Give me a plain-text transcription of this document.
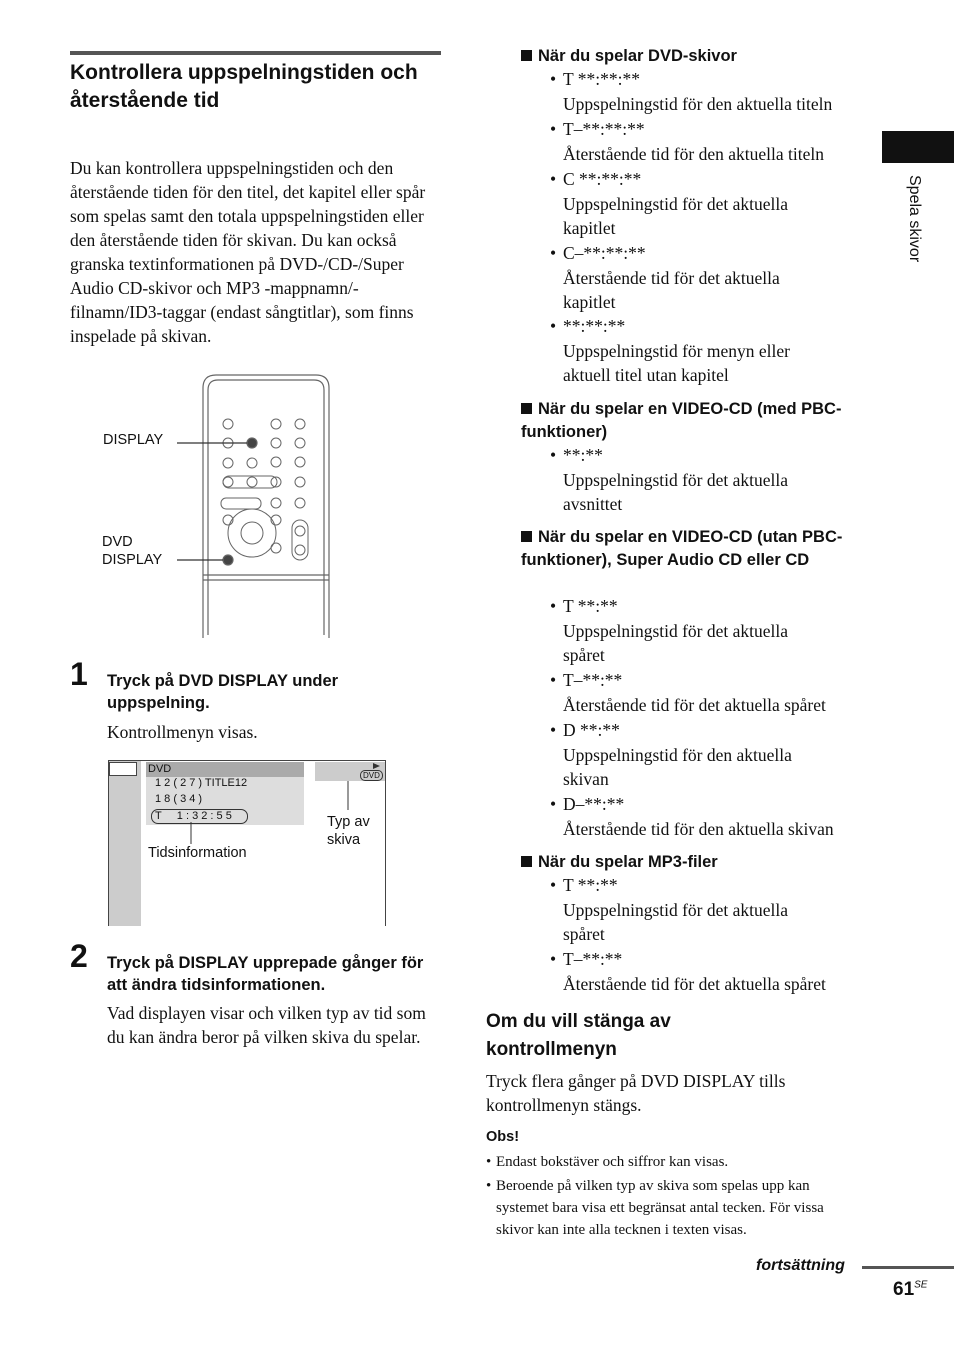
Kontrollera uppspelningstiden och återstående tid
Du kan kontrollera uppspelningstiden och den återstående tiden för den titel, det kapitel eller spår som spelas samt den totala uppspelningstiden eller den återstående tiden för skivan. Du kan också granska textinformationen på DVD-/CD-/Super Audio CD-skivor och MP3 -mappnamn/-filnamn/ID3-taggar (endast sångtitlar), som finns inspelade på skivan.
DISPLAY
DVD
DISPLAY
1 Tryck på DVD DISPLAY under uppspelning.
Kontrollmenyn visas.
DVD
1 2 ( 2 7 ) TITLE12
1 8 ( 3 4 )
T     1 : 3 2 : 5 5
DVD
Tidsinformation
Typ av
skiva
2 Tryck på DISPLAY upprepade gånger för att ändra tidsinformationen.
Vad displayen visar och vilken typ av tid som du kan ändra beror på vilken skiva du spelar.
När du spelar DVD-skivor
• T **:**:**
Uppspelningstid för den aktuella titeln
• T–**:**:**
Återstående tid för den aktuella titeln
• C **:**:**
Uppspelningstid för det aktuella kapitlet
• C–**:**:**
Återstående tid för det aktuella kapitlet
• **:**:**
Uppspelningstid för menyn eller aktuell titel utan kapitel
När du spelar en VIDEO-CD (med PBC-funktioner)
• **:**
Uppspelningstid för det aktuella avsnittet
När du spelar en VIDEO-CD (utan PBC-funktioner), Super Audio CD eller CD
• T **:**
Uppspelningstid för det aktuella spåret
• T–**:**
Återstående tid för det aktuella spåret
• D **:**
Uppspelningstid för den aktuella skivan
• D–**:**
Återstående tid för den aktuella skivan
När du spelar MP3-filer
• T **:**
Uppspelningstid för det aktuella spåret
• T–**:**
Återstående tid för det aktuella spåret
Om du vill stänga av kontrollmenyn
Tryck flera gånger på DVD DISPLAY tills kontrollmenyn stängs.
Obs!
• Endast bokstäver och siffror kan visas.
• Beroende på vilken typ av skiva som spelas upp kan systemet bara visa ett begränsat antal tecken. För vissa skivor kan inte alla tecknen i texten visas.
Spela skivor
fortsättning
$61^{SE}$
